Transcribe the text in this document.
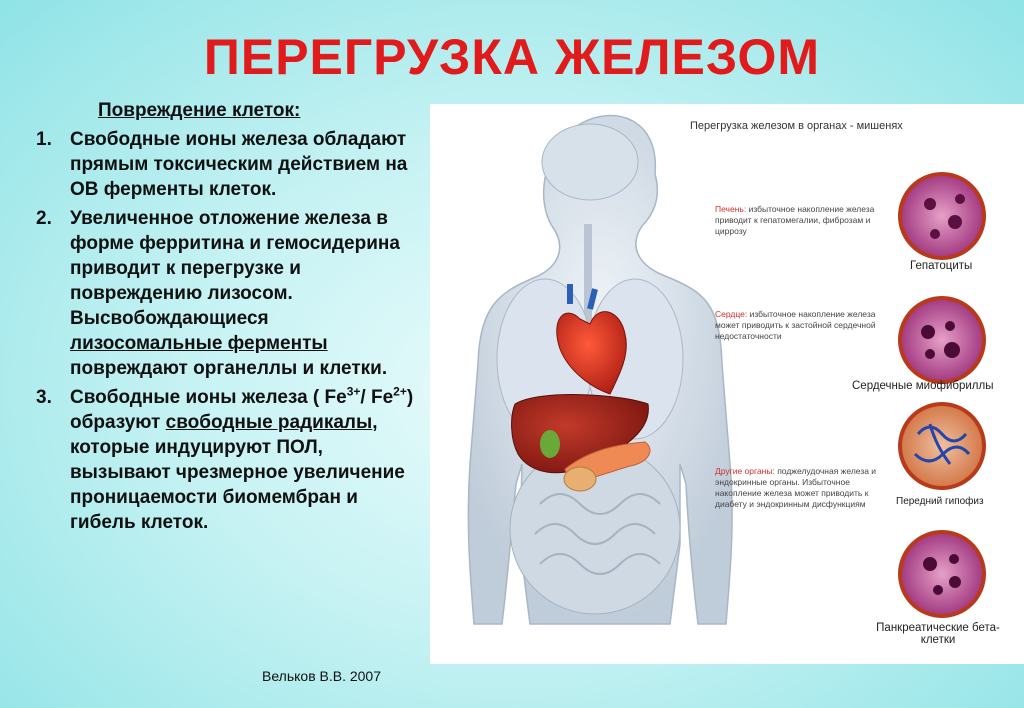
ПЕРЕГРУЗКА ЖЕЛЕЗОМ
Повреждение клеток:
1. Свободные ионы железа обладают прямым токсическим действием на ОВ ферменты клеток.
2. Увеличенное отложение железа в форме ферритина и гемосидерина приводит к перегрузке и повреждению лизосом. Высвобождающиеся лизосомальные ферменты повреждают органеллы и клетки.
3. Свободные ионы железа ( $Fe^{3+}/$ $Fe^{2+}$) образуют свободные радикалы, которые индуцируют ПОЛ, вызывают чрезмерное увеличение проницаемости биомембран и гибель клеток.
Вельков В.В. 2007
Перегрузка железом в органах - мишенях
Печень: избыточное накопление железа приводит к гепатомегалии, фиброзам и циррозу
Сердце: избыточное накопление железа может приводить к застойной сердечной недостаточности
Другие органы: поджелудочная железа и эндокринные органы. Избыточное накопление железа может приводить к диабету и эндокринным дисфункциям
Гепатоциты
Сердечные миофибриллы
Передний гипофиз
Панкреатические бета-клетки
